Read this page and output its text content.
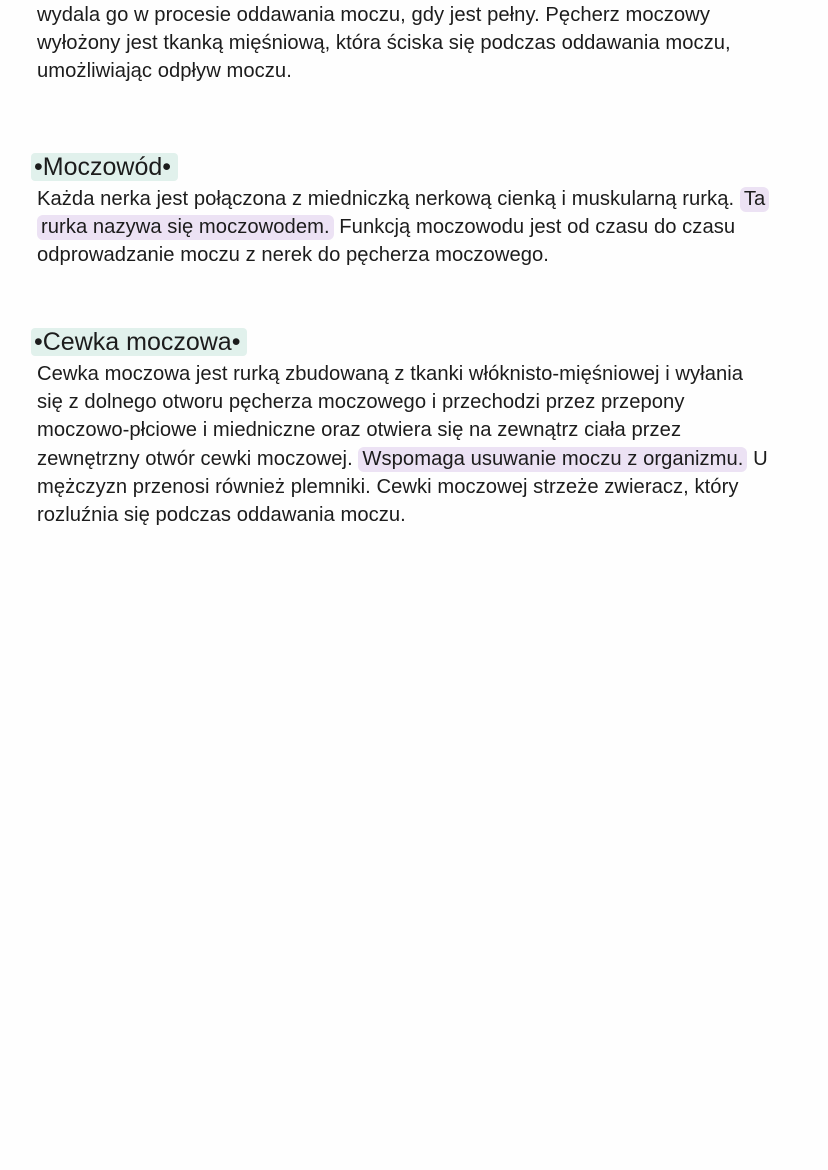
wydala go w procesie oddawania moczu, gdy jest pełny. Pęcherz moczowy
wyłożony jest tkanką mięśniową, która ściska się podczas oddawania moczu,
umożliwiając odpływ moczu.

•Moczowód•

Każda nerka jest połączona z miedniczką nerkową cienką i muskularną rurką. Ta
rurka nazywa się moczowodem. Funkcją moczowodu jest od czasu do czasu
odprowadzanie moczu z nerek do pęcherza moczowego.

•Cewka moczowa•

Cewka moczowa jest rurką zbudowaną z tkanki włóknisto-mięśniowej i wyłania
się z dolnego otworu pęcherza moczowego i przechodzi przez przepony
moczowo-płciowe i miedniczne oraz otwiera się na zewnątrz ciała przez
zewnętrzny otwór cewki moczowej. Wspomaga usuwanie moczu z organizmu. U
mężczyzn przenosi również plemniki. Cewki moczowej strzeże zwieracz, który
rozluźnia się podczas oddawania moczu.
